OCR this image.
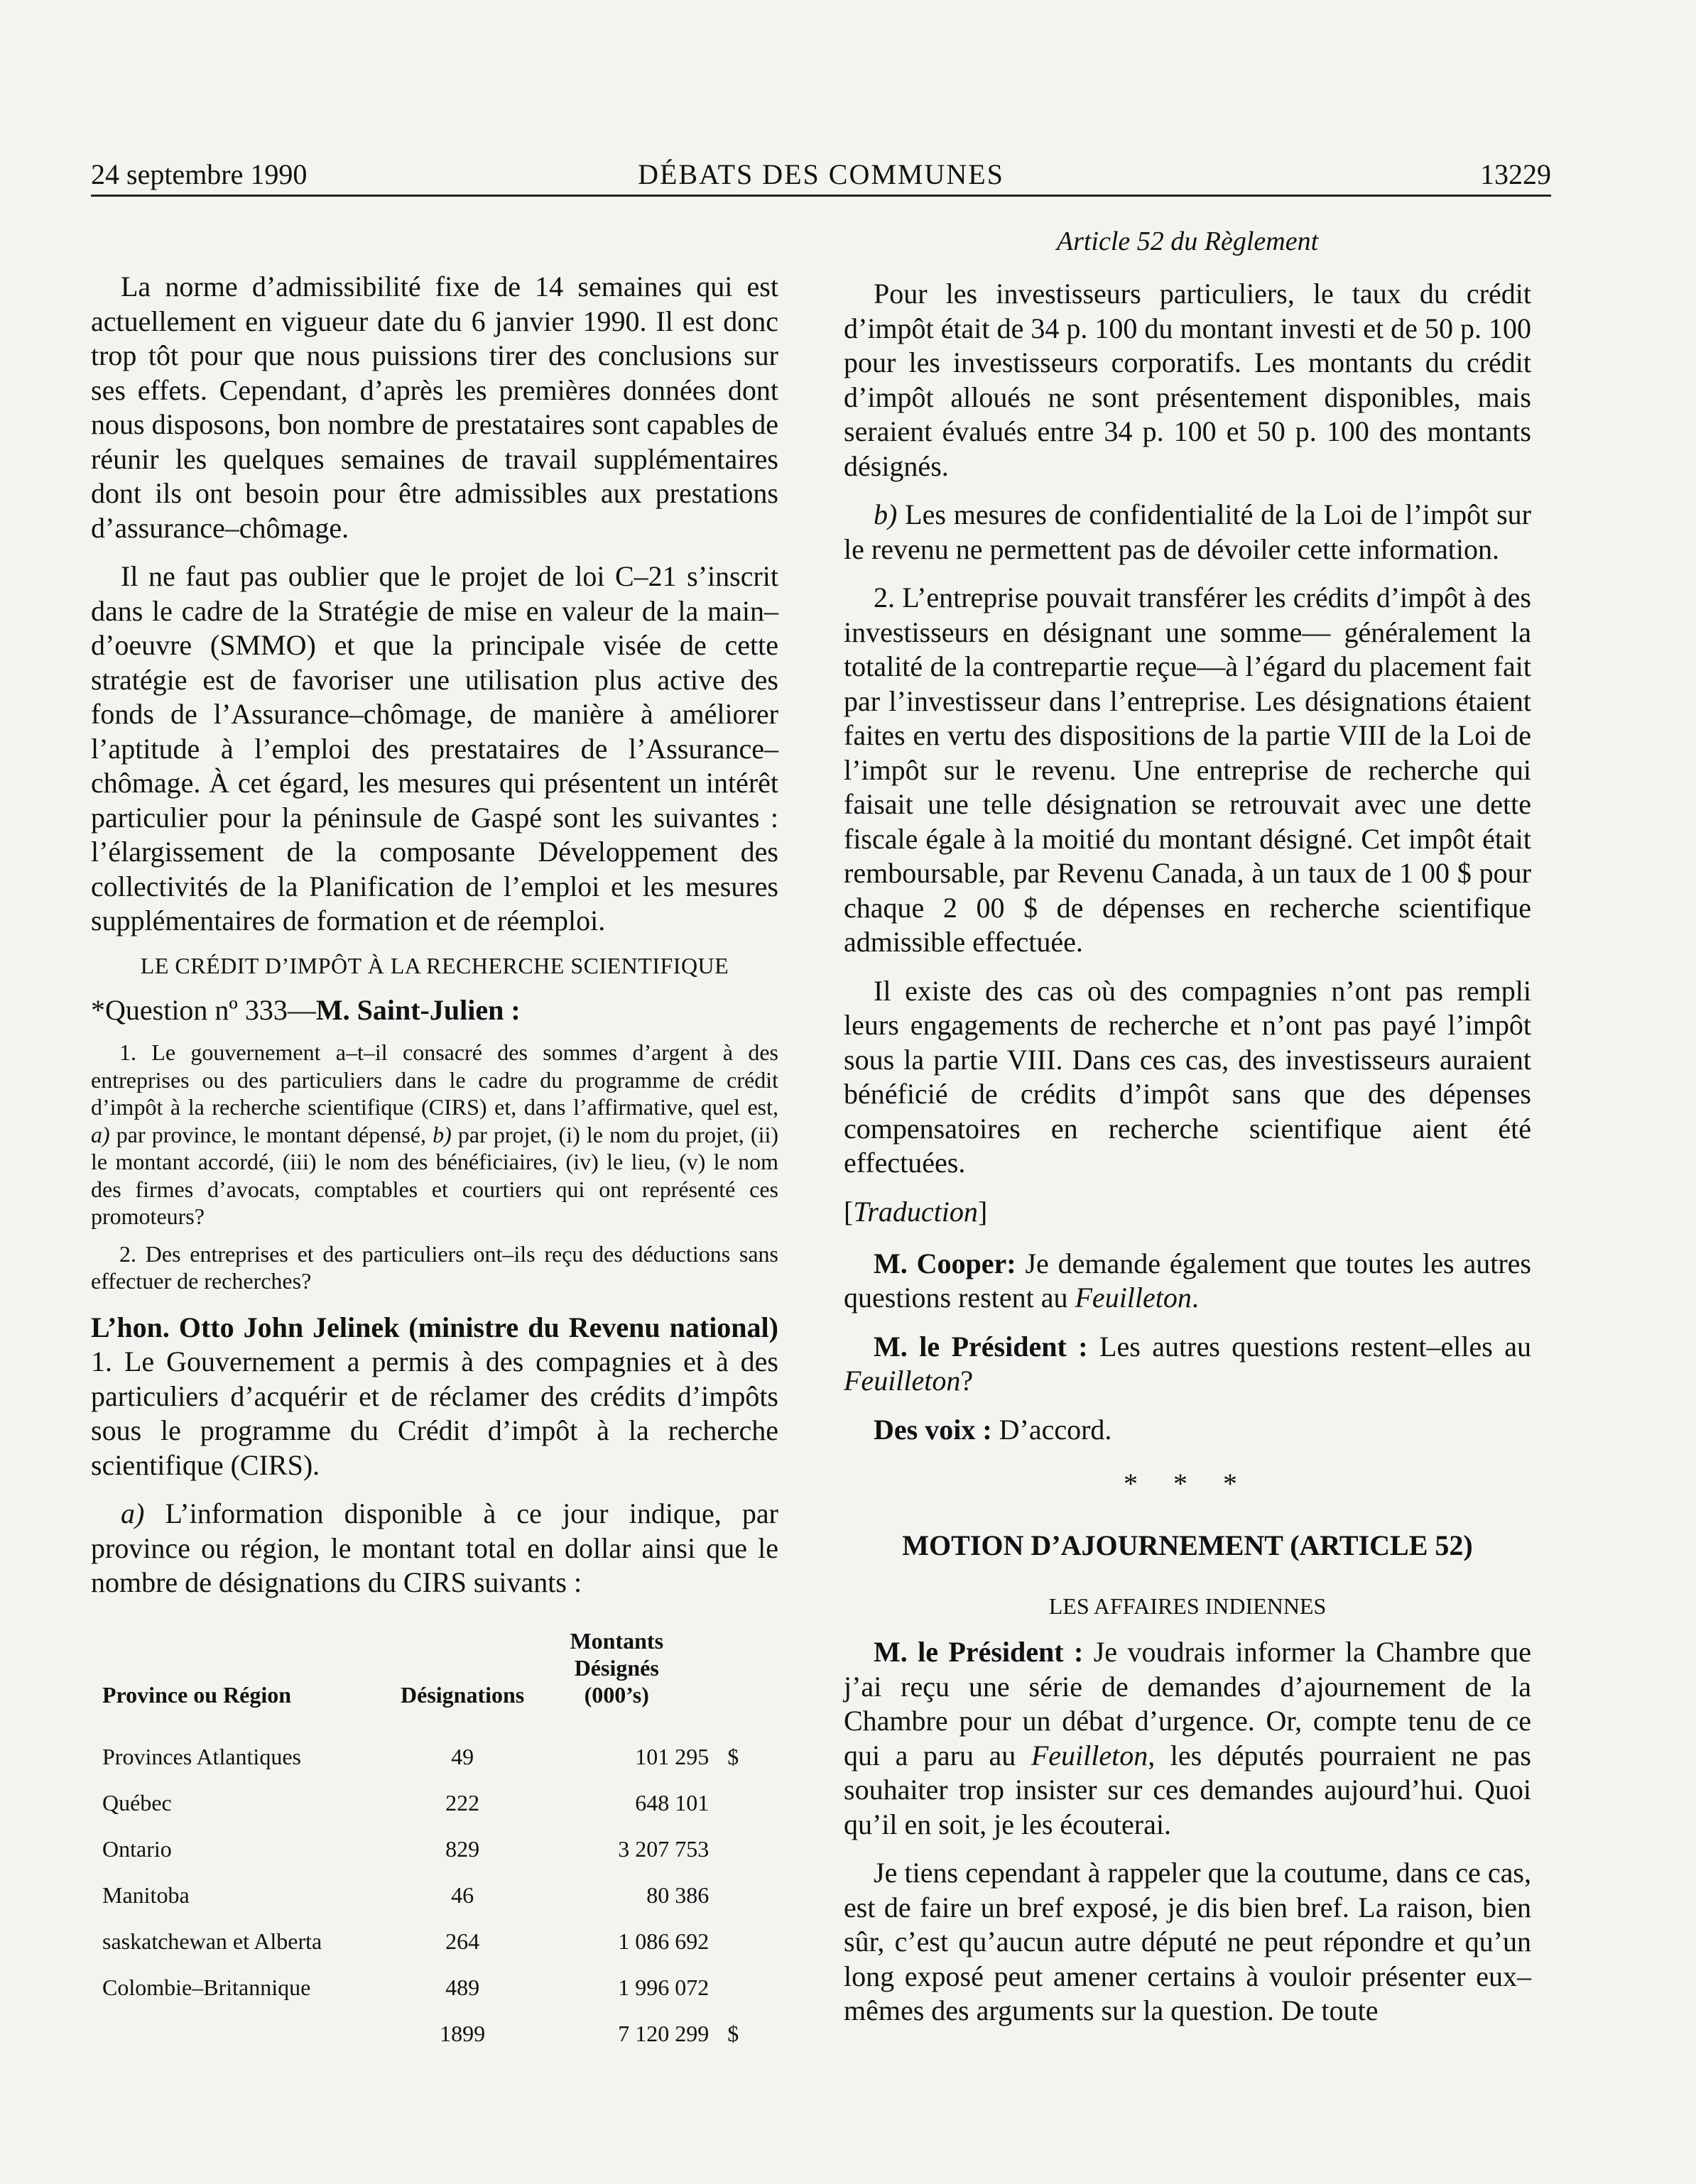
24 septembre 1990	DÉBATS DES COMMUNES	13229

La norme d’admissibilité fixe de 14 semaines qui est actuellement en vigueur date du 6 janvier 1990. Il est donc trop tôt pour que nous puissions tirer des conclusions sur ses effets. Cependant, d’après les premières données dont nous disposons, bon nombre de prestataires sont capables de réunir les quelques semaines de travail supplémentaires dont ils ont besoin pour être admissibles aux prestations d’assurance–chômage.

Il ne faut pas oublier que le projet de loi C–21 s’inscrit dans le cadre de la Stratégie de mise en valeur de la main–d’oeuvre (SMMO) et que la principale visée de cette stratégie est de favoriser une utilisation plus active des fonds de l’Assurance–chômage, de manière à améliorer l’aptitude à l’emploi des prestataires de l’Assurance–chômage. À cet égard, les mesures qui présentent un intérêt particulier pour la péninsule de Gaspé sont les suivantes : l’élargissement de la composante Développement des collectivités de la Planification de l’emploi et les mesures supplémentaires de formation et de réemploi.

LE CRÉDIT D’IMPÔT À LA RECHERCHE SCIENTIFIQUE

*Question nº 333—M. Saint-Julien :

1. Le gouvernement a–t–il consacré des sommes d’argent à des entreprises ou des particuliers dans le cadre du programme de crédit d’impôt à la recherche scientifique (CIRS) et, dans l’affirmative, quel est, a) par province, le montant dépensé, b) par projet, (i) le nom du projet, (ii) le montant accordé, (iii) le nom des bénéficiaires, (iv) le lieu, (v) le nom des firmes d’avocats, comptables et courtiers qui ont représenté ces promoteurs?

2. Des entreprises et des particuliers ont–ils reçu des déductions sans effectuer de recherches?

L’hon. Otto John Jelinek (ministre du Revenu national) 1. Le Gouvernement a permis à des compagnies et à des particuliers d’acquérir et de réclamer des crédits d’impôts sous le programme du Crédit d’impôt à la recherche scientifique (CIRS).

a) L’information disponible à ce jour indique, par province ou région, le montant total en dollar ainsi que le nombre de désignations du CIRS suivants :

Province ou Région	Désignations	Montants
Désignés
(000’s)	
Provinces Atlantiques	49	101 295	$
Québec	222	648 101	
Ontario	829	3 207 753	
Manitoba	46	80 386	
saskatchewan et Alberta	264	1 086 692	
Colombie–Britannique	489	1 996 072	
	1899	7 120 299	$
Article 52 du Règlement

Pour les investisseurs particuliers, le taux du crédit d’impôt était de 34 p. 100 du montant investi et de 50 p. 100 pour les investisseurs corporatifs. Les montants du crédit d’impôt alloués ne sont présentement disponibles, mais seraient évalués entre 34 p. 100 et 50 p. 100 des montants désignés.

b) Les mesures de confidentialité de la Loi de l’impôt sur le revenu ne permettent pas de dévoiler cette information.

2. L’entreprise pouvait transférer les crédits d’impôt à des investisseurs en désignant une somme— généralement la totalité de la contrepartie reçue—à l’égard du placement fait par l’investisseur dans l’entreprise. Les désignations étaient faites en vertu des dispositions de la partie VIII de la Loi de l’impôt sur le revenu. Une entreprise de recherche qui faisait une telle désignation se retrouvait avec une dette fiscale égale à la moitié du montant désigné. Cet impôt était remboursable, par Revenu Canada, à un taux de 1 00 $ pour chaque 2 00 $ de dépenses en recherche scientifique admissible effectuée.

Il existe des cas où des compagnies n’ont pas rempli leurs engagements de recherche et n’ont pas payé l’impôt sous la partie VIII. Dans ces cas, des investisseurs auraient bénéficié de crédits d’impôt sans que des dépenses compensatoires en recherche scientifique aient été effectuées.

[Traduction]

M. Cooper: Je demande également que toutes les autres questions restent au Feuilleton.

M. le Président : Les autres questions restent–elles au Feuilleton?

Des voix : D’accord.

* * *
MOTION D’AJOURNEMENT (ARTICLE 52)
LES AFFAIRES INDIENNES

M. le Président : Je voudrais informer la Chambre que j’ai reçu une série de demandes d’ajournement de la Chambre pour un débat d’urgence. Or, compte tenu de ce qui a paru au Feuilleton, les députés pourraient ne pas souhaiter trop insister sur ces demandes aujourd’hui. Quoi qu’il en soit, je les écouterai.

Je tiens cependant à rappeler que la coutume, dans ce cas, est de faire un bref exposé, je dis bien bref. La raison, bien sûr, c’est qu’aucun autre député ne peut répondre et qu’un long exposé peut amener certains à vouloir présenter eux–mêmes des arguments sur la question. De toute
